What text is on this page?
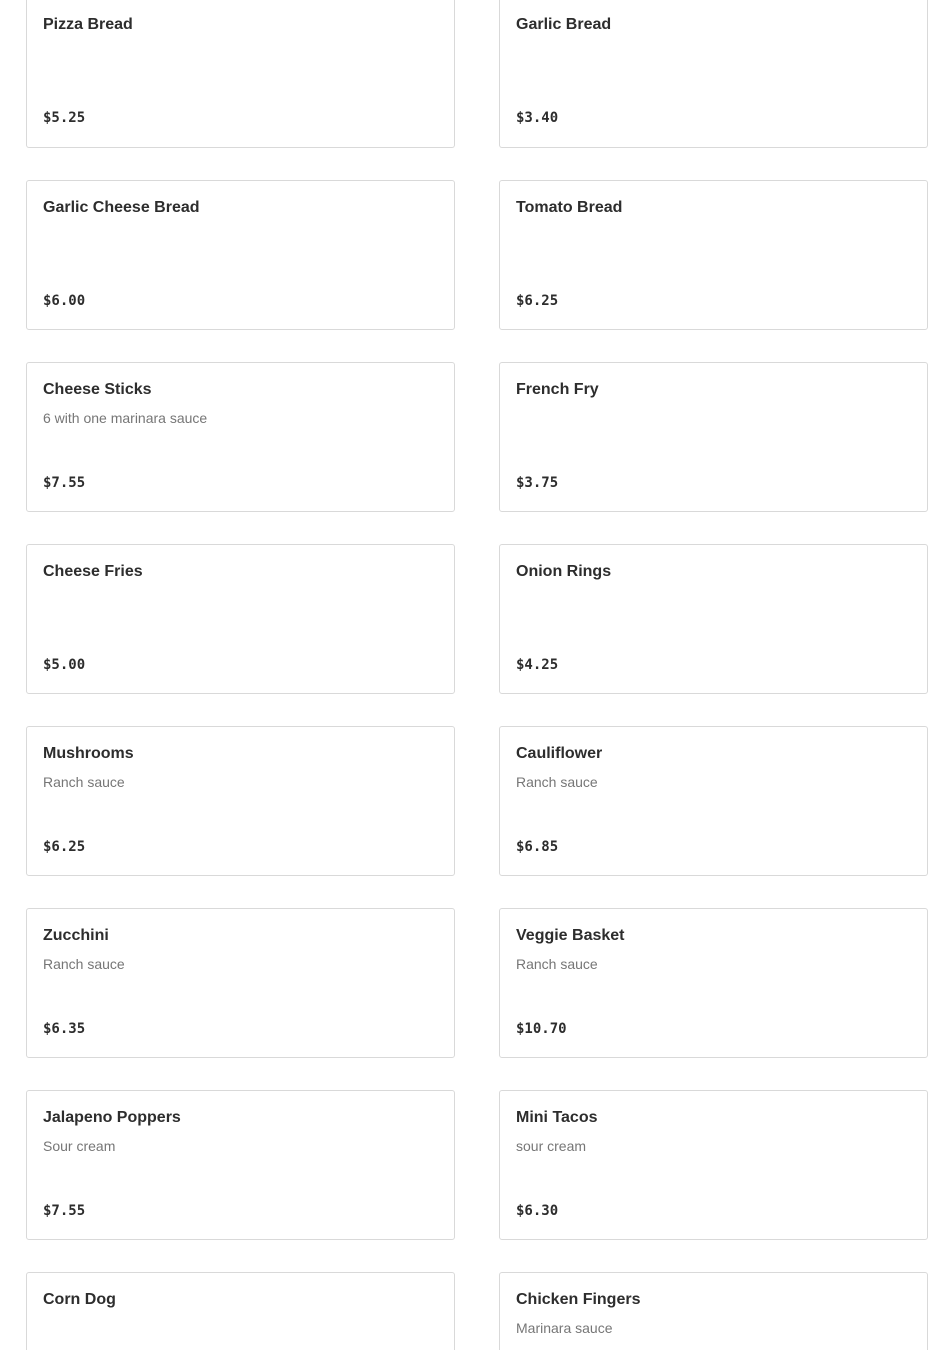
Pizza Bread
$5.25
Garlic Bread
$3.40
Garlic Cheese Bread
$6.00
Tomato Bread
$6.25
Cheese Sticks
6 with one marinara sauce
$7.55
French Fry
$3.75
Cheese Fries
$5.00
Onion Rings
$4.25
Mushrooms
Ranch sauce
$6.25
Cauliflower
Ranch sauce
$6.85
Zucchini
Ranch sauce
$6.35
Veggie Basket
Ranch sauce
$10.70
Jalapeno Poppers
Sour cream
$7.55
Mini Tacos
sour cream
$6.30
Corn Dog	Chicken Fingers
Marinara sauce
